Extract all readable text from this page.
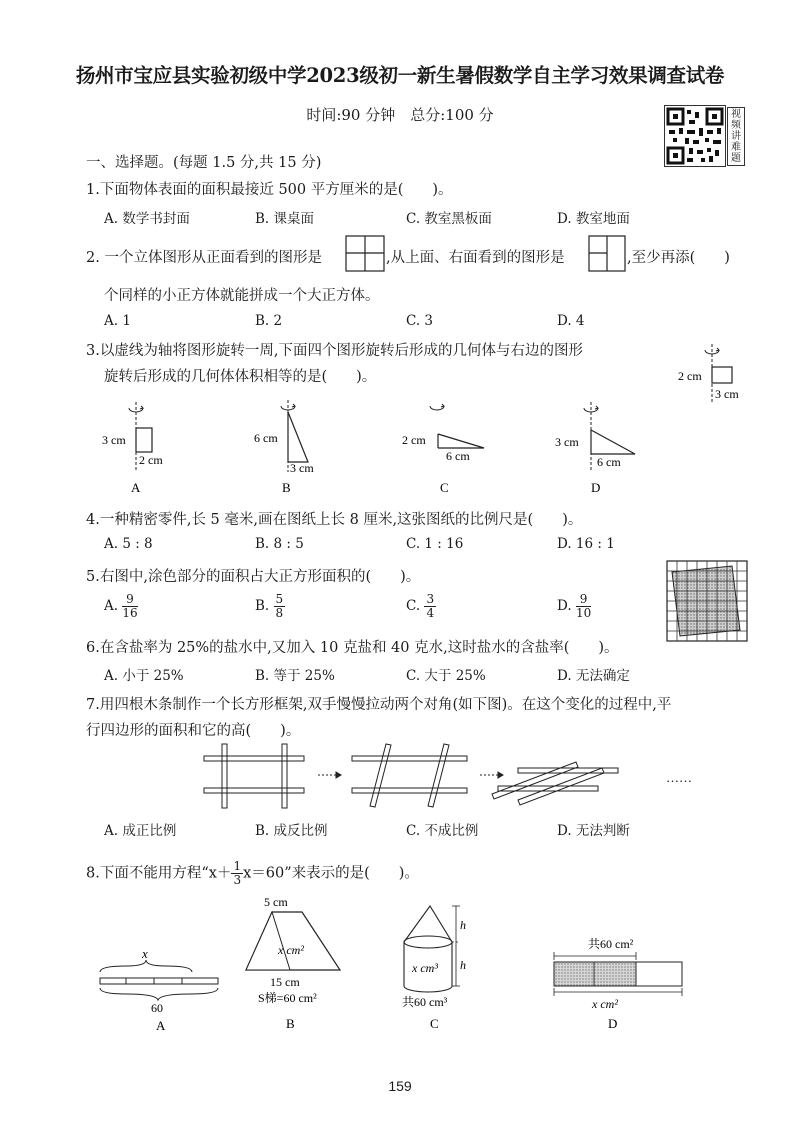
扬州市宝应县实验初级中学2023级初一新生暑假数学自主学习效果调查试卷
时间:90 分钟　总分:100 分	视频讲难题
一、选择题。(每题 1.5 分,共 15 分)
1.下面物体表面的面积最接近 500 平方厘米的是(　　)。
A. 数学书封面	B. 课桌面	C. 教室黑板面	D. 教室地面
2. 一个立体图形从正面看到的图形是	,从上面、右面看到的图形是	,至少再添(　　)
个同样的小正方体就能拼成一个大正方体。
A. 1	B. 2	C. 3	D. 4
3.以虚线为轴将图形旋转一周,下面四个图形旋转后形成的几何体与右边的图形
旋转后形成的几何体体积相等的是(　　)。	2 cm
3 cm
3 cm
2 cm
A
6 cm
3 cm
B
2 cm
6 cm
C
3 cm
6 cm
D
4.一种精密零件,长 5 毫米,画在图纸上长 8 厘米,这张图纸的比例尺是(　　)。
A. 5 : 8	B. 8 : 5	C. 1 : 16	D. 16 : 1
5.右图中,涂色部分的面积占大正方形面积的(　　)。
A. $\frac{9}{16}$	B. $\frac{5}{8}$	C. $\frac{3}{4}$	D. $\frac{9}{10}$
6.在含盐率为 25%的盐水中,又加入 10 克盐和 40 克水,这时盐水的含盐率(　　)。
A. 小于 25%	B. 等于 25%	C. 大于 25%	D. 无法确定
7.用四根木条制作一个长方形框架,双手慢慢拉动两个对角(如下图)。在这个变化的过程中,平
行四边形的面积和它的高(　　)。
……
A. 成正比例	B. 成反比例	C. 不成比例	D. 无法判断
8.下面不能用方程“$x+ \frac{1}{3} x=60$”来表示的是(　　)。
x
60
A
5 cm
x cm²
15 cm
S梯=60 cm²
B
h
h
x cm³
共60 cm³
C
共60 cm²
x cm²
D
159
